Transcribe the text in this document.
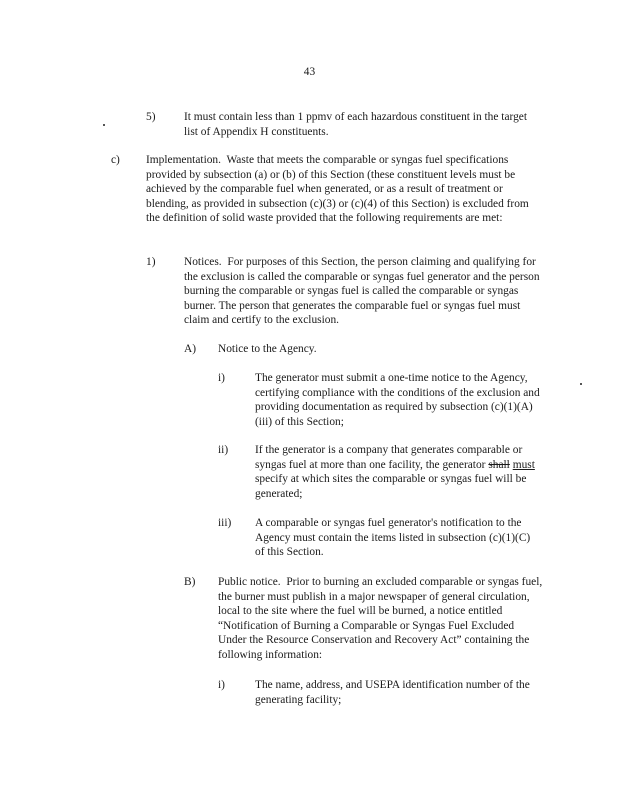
43
5)	It must contain less than 1 ppmv of each hazardous constituent in the target list of Appendix H constituents.
c) Implementation. Waste that meets the comparable or syngas fuel specifications provided by subsection (a) or (b) of this Section (these constituent levels must be achieved by the comparable fuel when generated, or as a result of treatment or blending, as provided in subsection (c)(3) or (c)(4) of this Section) is excluded from the definition of solid waste provided that the following requirements are met:
1)	Notices. For purposes of this Section, the person claiming and qualifying for the exclusion is called the comparable or syngas fuel generator and the person burning the comparable or syngas fuel is called the comparable or syngas burner. The person that generates the comparable fuel or syngas fuel must claim and certify to the exclusion.
A) Notice to the Agency.
i)	The generator must submit a one-time notice to the Agency, certifying compliance with the conditions of the exclusion and providing documentation as required by subsection (c)(1)(A)(iii) of this Section;
ii) If the generator is a company that generates comparable or syngas fuel at more than one facility, the generator shall must specify at which sites the comparable or syngas fuel will be generated;
iii) A comparable or syngas fuel generator's notification to the Agency must contain the items listed in subsection (c)(1)(C) of this Section.
B) Public notice. Prior to burning an excluded comparable or syngas fuel, the burner must publish in a major newspaper of general circulation, local to the site where the fuel will be burned, a notice entitled “Notification of Burning a Comparable or Syngas Fuel Excluded Under the Resource Conservation and Recovery Act” containing the following information:
i)	The name, address, and USEPA identification number of the generating facility;
